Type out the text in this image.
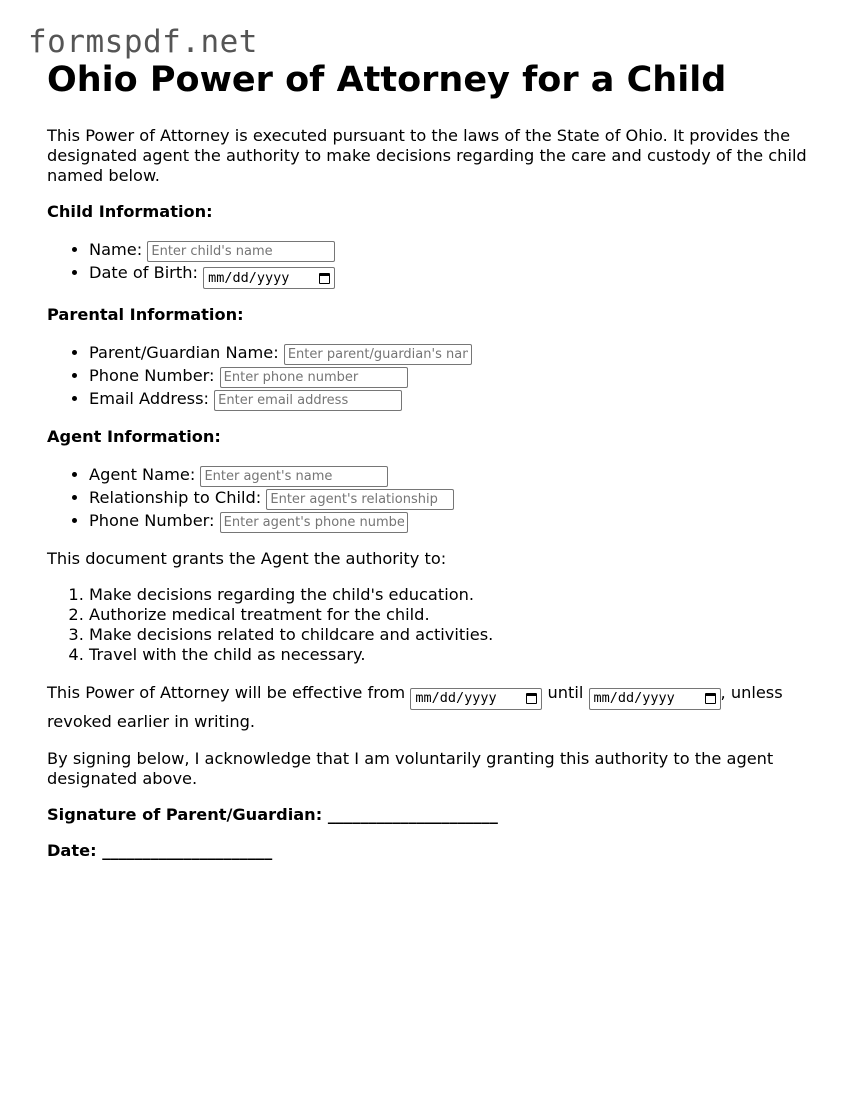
formspdf.net
Ohio Power of Attorney for a Child

This Power of Attorney is executed pursuant to the laws of the State of Ohio. It provides the designated agent the authority to make decisions regarding the care and custody of the child named below.

Child Information:
• Name: Enter child's name
• Date of Birth: mm/dd/yyyy
Parental Information:
• Parent/Guardian Name: Enter parent/guardian's name
• Phone Number: Enter phone number
• Email Address: Enter email address
Agent Information:
• Agent Name: Enter agent's name
• Relationship to Child: Enter agent's relationship
• Phone Number: Enter agent's phone number

This document grants the Agent the authority to:

1. Make decisions regarding the child's education.
2. Authorize medical treatment for the child.
3. Make decisions related to childcare and activities.
4. Travel with the child as necessary.

This Power of Attorney will be effective from mm/dd/yyyy	until mm/dd/yyyy	, unless revoked earlier in writing.

By signing below, I acknowledge that I am voluntarily granting this authority to the agent designated above.

Signature of Parent/Guardian: _____________________
Date: _____________________
